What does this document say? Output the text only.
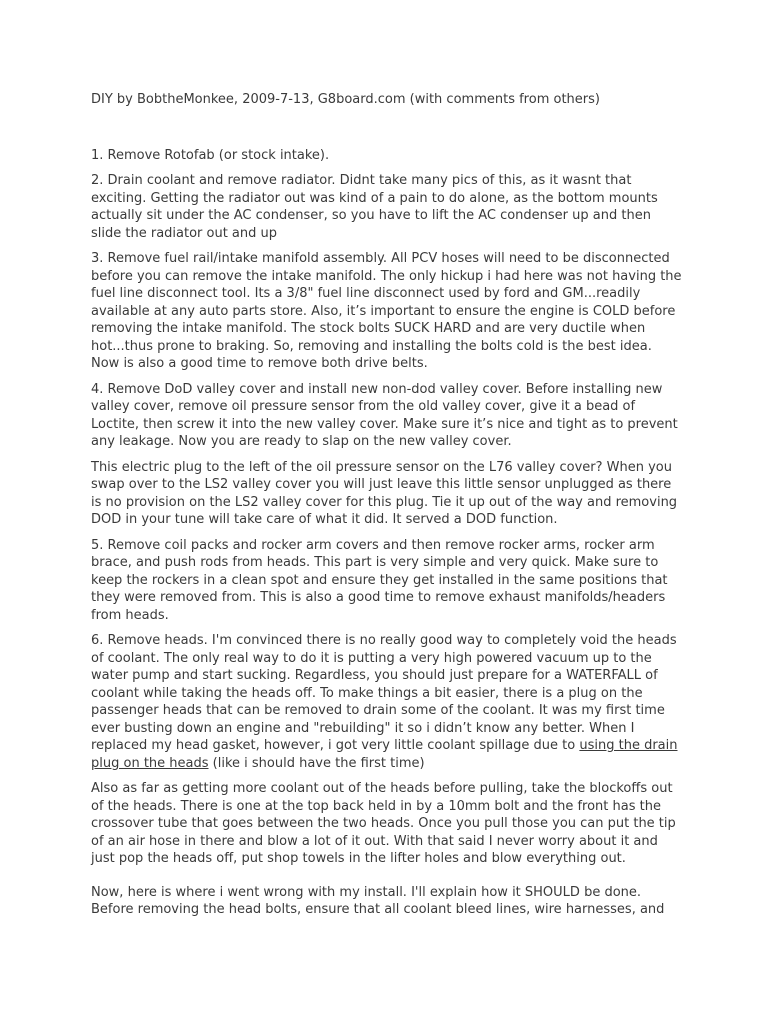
DIY by BobtheMonkee, 2009-7-13, G8board.com (with comments from others)

1. Remove Rotofab (or stock intake).

2. Drain coolant and remove radiator. Didnt take many pics of this, as it wasnt that exciting. Getting the radiator out was kind of a pain to do alone, as the bottom mounts actually sit under the AC condenser, so you have to lift the AC condenser up and then slide the radiator out and up

3. Remove fuel rail/intake manifold assembly. All PCV hoses will need to be disconnected before you can remove the intake manifold. The only hickup i had here was not having the fuel line disconnect tool. Its a 3/8" fuel line disconnect used by ford and GM...readily available at any auto parts store. Also, it’s important to ensure the engine is COLD before removing the intake manifold. The stock bolts SUCK HARD and are very ductile when hot...thus prone to braking. So, removing and installing the bolts cold is the best idea. Now is also a good time to remove both drive belts.

4. Remove DoD valley cover and install new non-dod valley cover. Before installing new valley cover, remove oil pressure sensor from the old valley cover, give it a bead of Loctite, then screw it into the new valley cover. Make sure it’s nice and tight as to prevent any leakage. Now you are ready to slap on the new valley cover.

This electric plug to the left of the oil pressure sensor on the L76 valley cover? When you swap over to the LS2 valley cover you will just leave this little sensor unplugged as there is no provision on the LS2 valley cover for this plug. Tie it up out of the way and removing DOD in your tune will take care of what it did. It served a DOD function.

5. Remove coil packs and rocker arm covers and then remove rocker arms, rocker arm brace, and push rods from heads. This part is very simple and very quick. Make sure to keep the rockers in a clean spot and ensure they get installed in the same positions that they were removed from. This is also a good time to remove exhaust manifolds/headers from heads.

6. Remove heads. I'm convinced there is no really good way to completely void the heads of coolant. The only real way to do it is putting a very high powered vacuum up to the water pump and start sucking. Regardless, you should just prepare for a WATERFALL of coolant while taking the heads off. To make things a bit easier, there is a plug on the passenger heads that can be removed to drain some of the coolant. It was my first time ever busting down an engine and "rebuilding" it so i didn’t know any better. When I replaced my head gasket, however, i got very little coolant spillage due to using the drain plug on the heads (like i should have the first time)

Also as far as getting more coolant out of the heads before pulling, take the blockoffs out of the heads. There is one at the top back held in by a 10mm bolt and the front has the crossover tube that goes between the two heads. Once you pull those you can put the tip of an air hose in there and blow a lot of it out. With that said I never worry about it and just pop the heads off, put shop towels in the lifter holes and blow everything out.

Now, here is where i went wrong with my install. I'll explain how it SHOULD be done. Before removing the head bolts, ensure that all coolant bleed lines, wire harnesses, and
